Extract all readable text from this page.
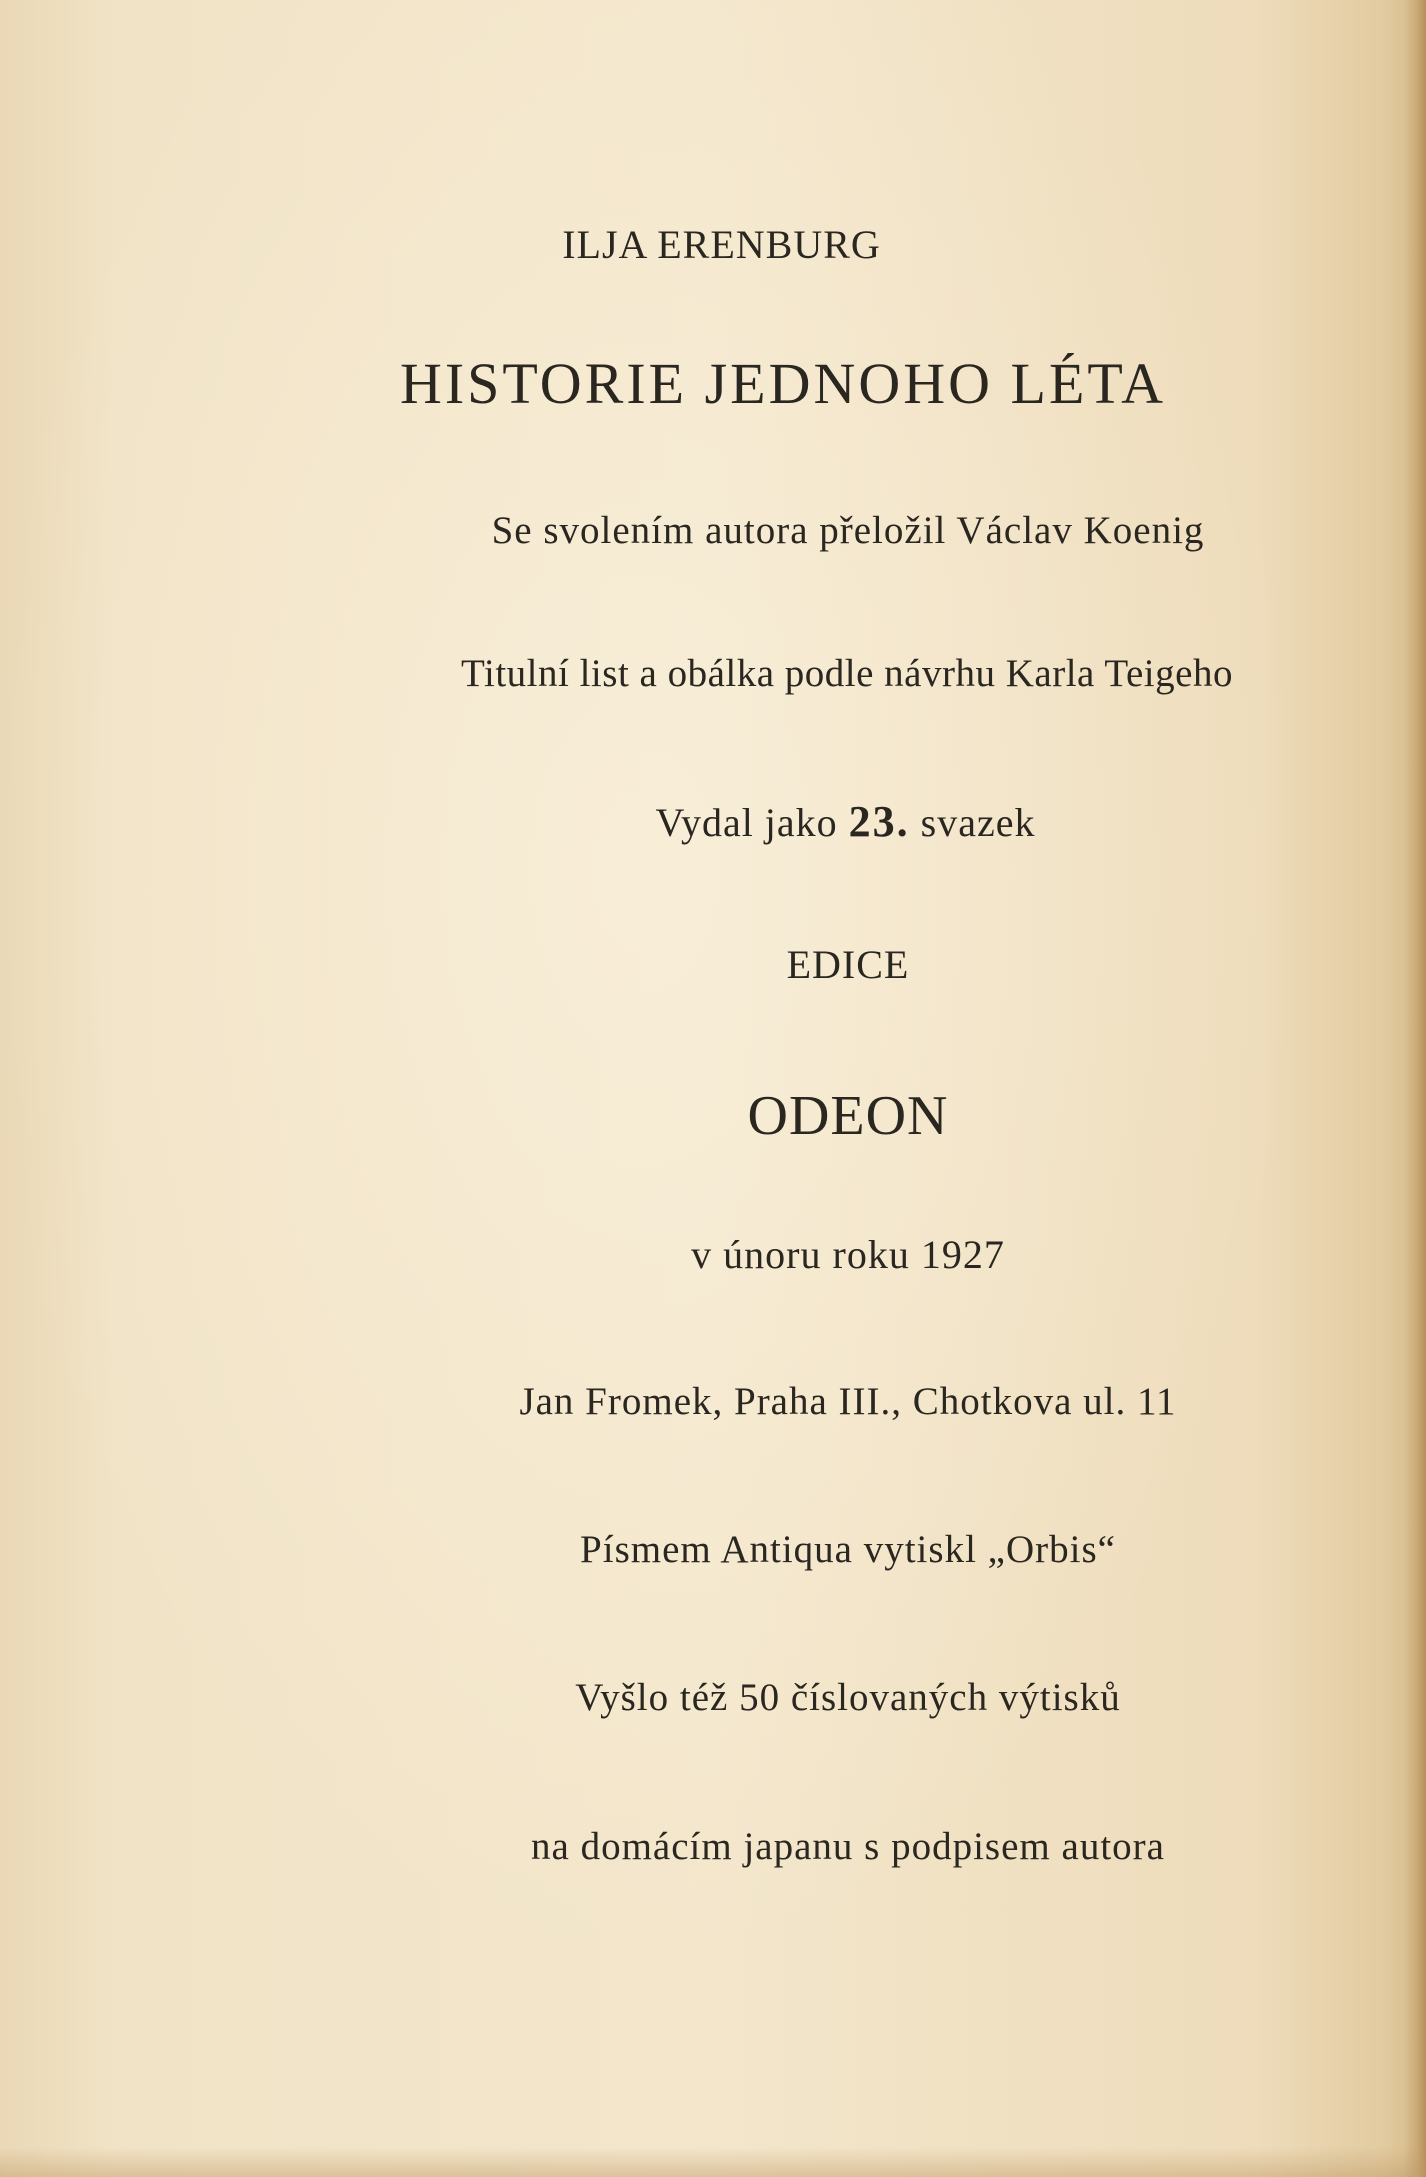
ILJA ERENBURG
HISTORIE JEDNOHO LÉTA
Se svolením autora přeložil Václav Koenig
Titulní list a obálka podle návrhu Karla Teigeho
Vydal jako 23. svazek
EDICE
ODEON
v únoru roku 1927
Jan Fromek, Praha III., Chotkova ul. 11
Písmem Antiqua vytiskl „Orbis“
Vyšlo též 50 číslovaných výtisků
na domácím japanu s podpisem autora
